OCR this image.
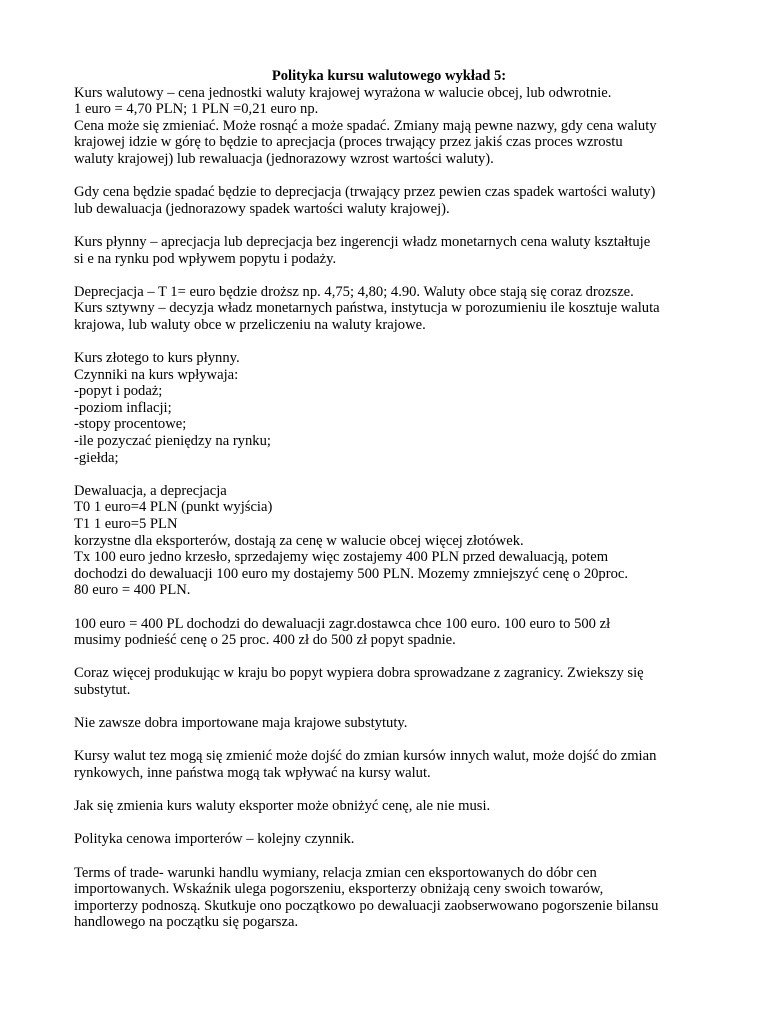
Polityka kursu walutowego wykład 5:

Kurs walutowy – cena jednostki waluty krajowej wyrażona w walucie obcej, lub odwrotnie.

1 euro = 4,70 PLN; 1 PLN =0,21 euro np.

Cena może się zmieniać. Może rosnąć a może spadać. Zmiany mają pewne nazwy, gdy cena waluty

krajowej idzie w górę to będzie to aprecjacja (proces trwający przez jakiś czas proces wzrostu

waluty krajowej) lub rewaluacja (jednorazowy wzrost wartości waluty).

Gdy cena będzie spadać będzie to deprecjacja (trwający przez pewien czas spadek wartości waluty)

lub dewaluacja (jednorazowy spadek wartości waluty krajowej).

Kurs płynny – aprecjacja lub deprecjacja bez ingerencji władz monetarnych cena waluty kształtuje

si e na rynku pod wpływem popytu i podaży.

Deprecjacja – T 1= euro będzie droższ np. 4,75; 4,80; 4.90. Waluty obce stają się coraz drozsze.

Kurs sztywny – decyzja władz monetarnych państwa, instytucja w porozumieniu ile kosztuje waluta

krajowa, lub waluty obce w przeliczeniu na waluty krajowe.

Kurs złotego to kurs płynny.

Czynniki na kurs wpływaja:

-popyt i podaż;

-poziom inflacji;

-stopy procentowe;

-ile pozyczać pieniędzy na rynku;

-giełda;

Dewaluacja, a deprecjacja

T0 1 euro=4 PLN (punkt wyjścia)

T1 1 euro=5 PLN

korzystne dla eksporterów, dostają za cenę w walucie obcej więcej złotówek.

Tx 100 euro jedno krzesło, sprzedajemy więc zostajemy 400 PLN przed dewaluacją, potem

dochodzi do dewaluacji 100 euro my dostajemy 500 PLN. Mozemy zmniejszyć cenę o 20proc.

80 euro = 400 PLN.

100 euro = 400 PL dochodzi do dewaluacji zagr.dostawca chce 100 euro. 100 euro to 500 zł

musimy podnieść cenę o 25 proc. 400 zł do 500 zł popyt spadnie.

Coraz więcej produkując w kraju bo popyt wypiera dobra sprowadzane z zagranicy. Zwiekszy się

substytut.

Nie zawsze dobra importowane maja krajowe substytuty.

Kursy walut tez mogą się zmienić może dojść do zmian kursów innych walut, może dojść do zmian

rynkowych, inne państwa mogą tak wpływać na kursy walut.

Jak się zmienia kurs waluty eksporter może obniżyć cenę, ale nie musi.

Polityka cenowa importerów – kolejny czynnik.

Terms of trade- warunki handlu wymiany, relacja zmian cen eksportowanych do dóbr cen

importowanych. Wskaźnik ulega pogorszeniu, eksporterzy obniżają ceny swoich towarów,

importerzy podnoszą. Skutkuje ono początkowo po dewaluacji zaobserwowano pogorszenie bilansu

handlowego na początku się pogarsza.
